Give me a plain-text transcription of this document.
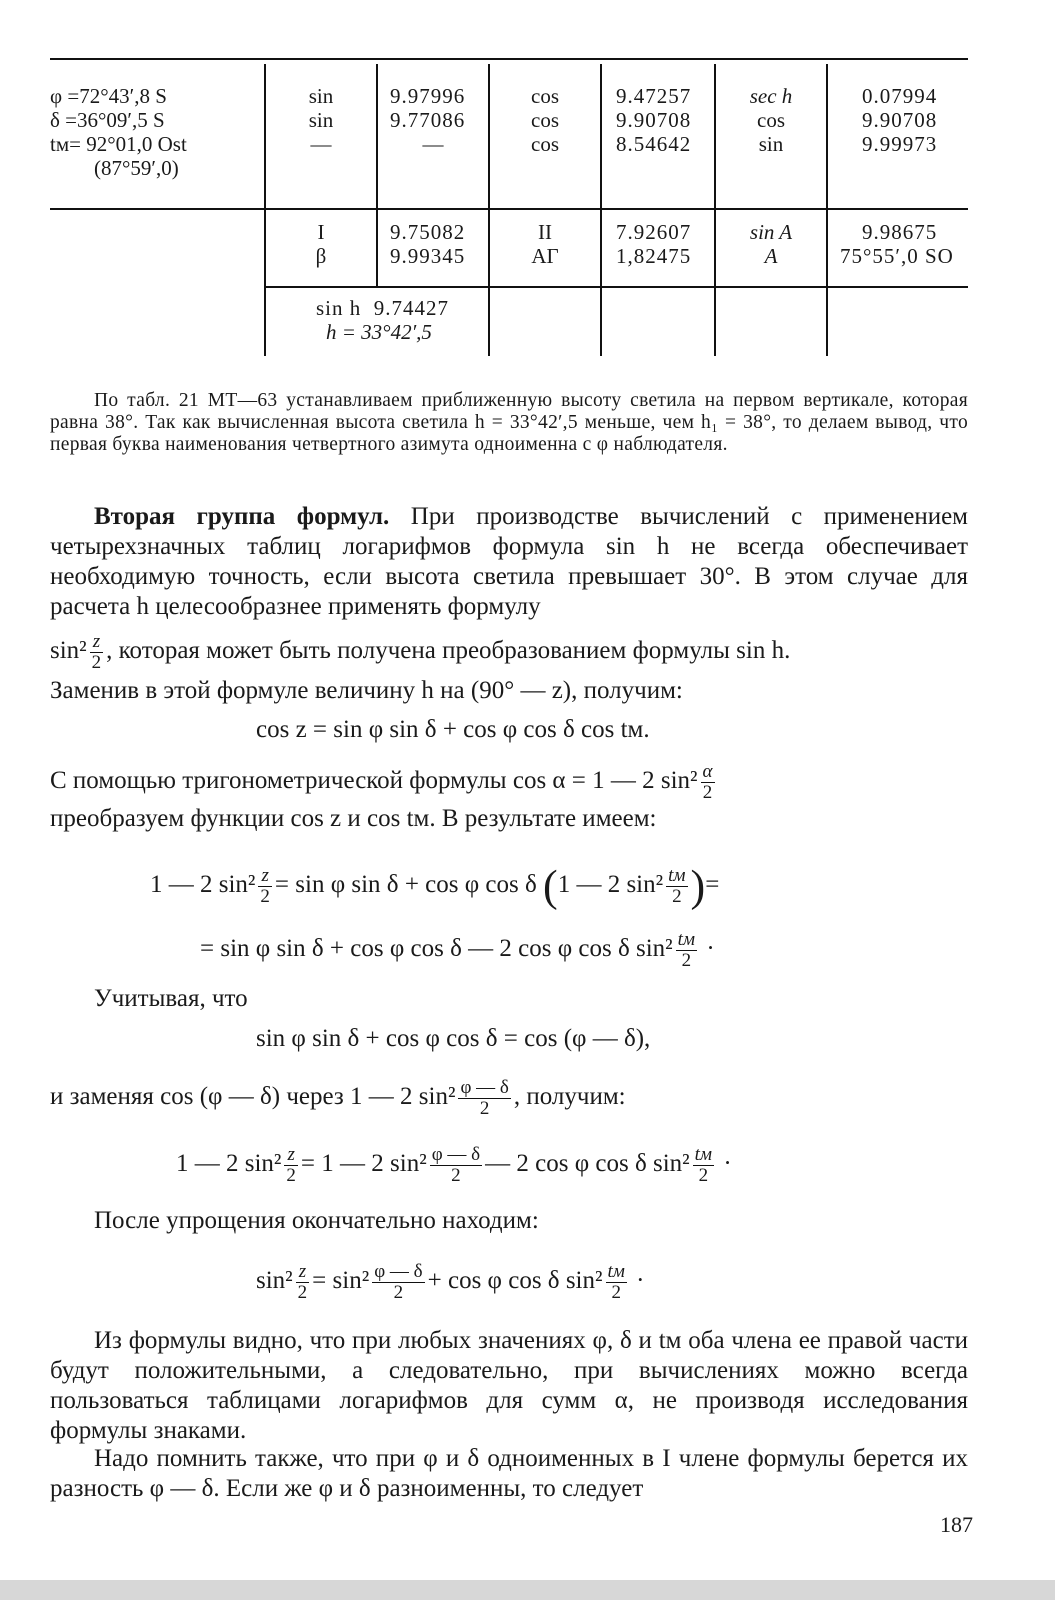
φ =72°43′,8 S
δ =36°09′,5 S
tм= 92°01,0 Ost
(87°59′,0)
sin
sin
—
9.97996
9.77086
—
cos
cos
cos
9.47257
9.90708
8.54642
sec h
cos
sin
0.07994
9.90708
9.99973
I
β
9.75082
9.99345
II
АГ
7.92607
1,82475
sin A
A
9.98675
75°55′,0 SO
sin h  9.74427
h = 33°42′,5
По табл. 21 МТ—63 устанавливаем приближенную высоту светила на первом вертикале, которая равна 38°. Так как вычисленная высота светила h = 33°42′,5 меньше, чем h₁ = 38°, то делаем вывод, что первая буква наименования четвертного азимута одноименна с φ наблюдателя.
Вторая группа формул. При производстве вычислений с применением четырехзначных таблиц логарифмов формула sin h не всегда обеспечивает необходимую точность, если высота светила превышает 30°. В этом случае для расчета h целесообразнее применять формулу
$\sin^2 \frac{z}{2}$ , которая может быть получена преобразованием формулы sin h.
Заменив в этой формуле величину h на (90° — z), получим:
cos z = sin φ sin δ + cos φ cos δ cos tм.
С помощью тригонометрической формулы cos α = 1 — 2 $\sin^2 \frac{\alpha}{2}$
преобразуем функции cos z и cos tм. В результате имеем:
1 — 2 $\sin^2 \frac{z}{2} = \sin \varphi$ sin δ + cos φ cos δ (1 — 2 $\sin^2 \frac{tм}{2}$ )=
= sin φ sin δ + cos φ cos δ — 2 cos φ cos δ $\sin^2 \frac{tм}{2}$ ·
Учитывая, что
sin φ sin δ + cos φ cos δ = cos (φ — δ),
и заменяя cos (φ — δ) через 1 — 2 $\sin^2 \frac{\varphi — \delta}{2}$ , получим:
1 — 2 $\sin^2 \frac{z}{2} = 1$ — 2 $\sin^2 \frac{\varphi — \delta}{2}$ — 2 cos φ cos δ $\sin^2 \frac{tм}{2}$ ·
После упрощения окончательно находим:
$\sin^2 \frac{z}{2} = \sin^2 \frac{\varphi — \delta}{2} + \cos \varphi$ cos δ $\sin^2 \frac{tм}{2}$ ·
Из формулы видно, что при любых значениях φ, δ и tм оба члена ее правой части будут положительными, а следовательно, при вычислениях можно всегда пользоваться таблицами логарифмов для сумм α, не производя исследования формулы знаками.
Надо помнить также, что при φ и δ одноименных в I члене формулы берется их разность φ — δ. Если же φ и δ разноименны, то следует
187
